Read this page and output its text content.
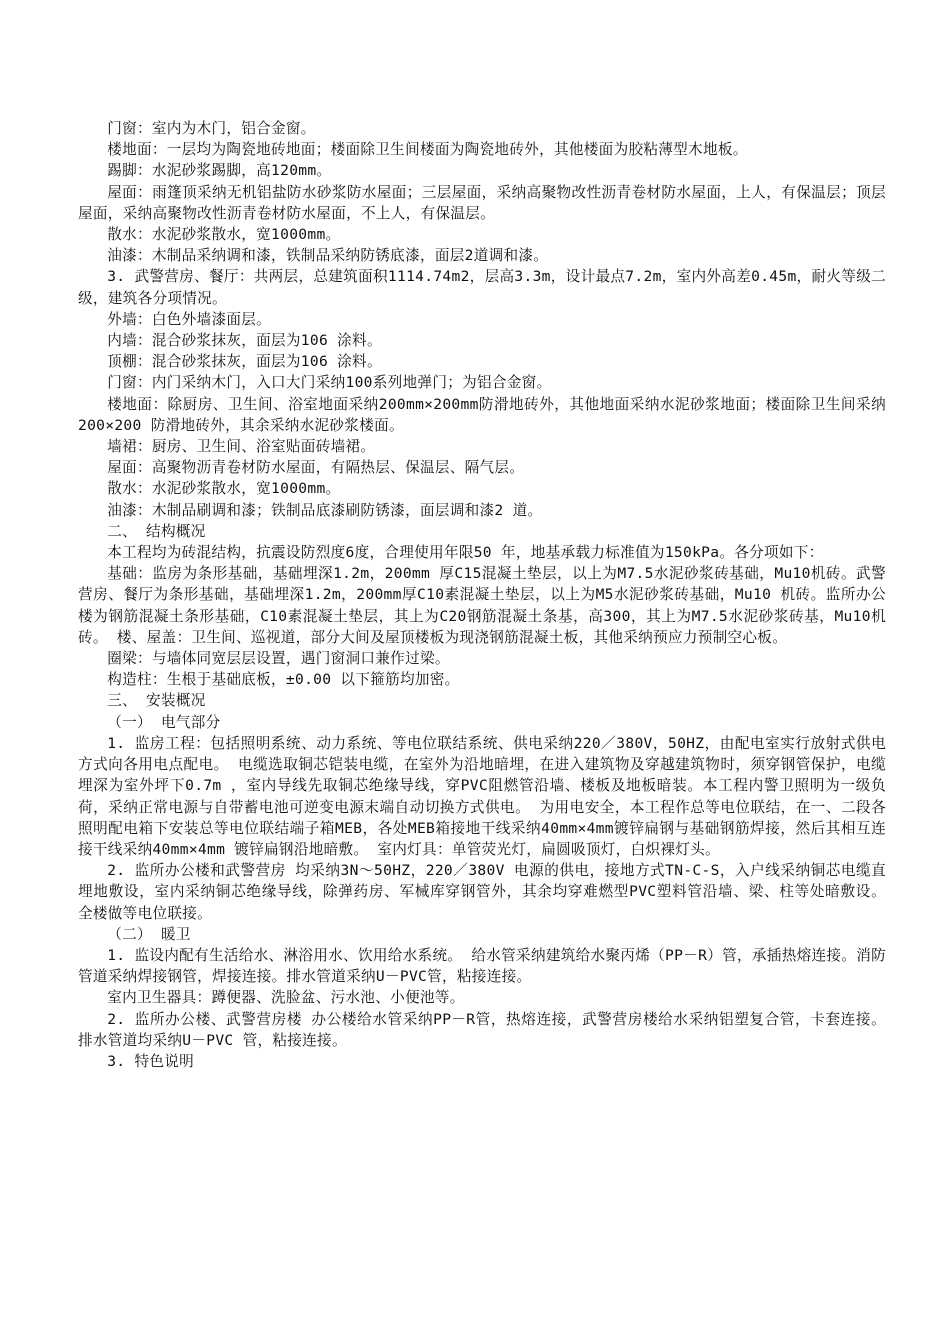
门窗：室内为木门，铝合金窗。

楼地面：一层均为陶瓷地砖地面；楼面除卫生间楼面为陶瓷地砖外，其他楼面为胶粘薄型木地板。

踢脚：水泥砂浆踢脚，高120mm。

屋面：雨篷顶采纳无机铝盐防水砂浆防水屋面；三层屋面，采纳高聚物改性沥青卷材防水屋面，上人，有保温层；顶层屋面，采纳高聚物改性沥青卷材防水屋面，不上人，有保温层。

散水：水泥砂浆散水，宽1000mm。

油漆：木制品采纳调和漆，铁制品采纳防锈底漆，面层2道调和漆。

3. 武警营房、餐厅：共两层，总建筑面积1114.74m2，层高3.3m，设计最点7.2m，室内外高差0.45m，耐火等级二级，建筑各分项情况。

外墙：白色外墙漆面层。

内墙：混合砂浆抹灰，面层为106 涂料。

顶棚：混合砂浆抹灰，面层为106 涂料。

门窗：内门采纳木门，入口大门采纳100系列地弹门；为铝合金窗。

楼地面：除厨房、卫生间、浴室地面采纳200mm×200mm防滑地砖外，其他地面采纳水泥砂浆地面；楼面除卫生间采纳200×200 防滑地砖外，其余采纳水泥砂浆楼面。

墙裙：厨房、卫生间、浴室贴面砖墙裙。

屋面：高聚物沥青卷材防水屋面，有隔热层、保温层、隔气层。

散水：水泥砂浆散水，宽1000mm。

油漆：木制品刷调和漆；铁制品底漆刷防锈漆，面层调和漆2 道。

二、 结构概况

本工程均为砖混结构，抗震设防烈度6度，合理使用年限50 年，地基承载力标准值为150kPa。各分项如下：

基础：监房为条形基础，基础埋深1.2m，200mm 厚C15混凝土垫层，以上为M7.5水泥砂浆砖基础，Mu10机砖。武警营房、餐厅为条形基础，基础埋深1.2m，200mm厚C10素混凝土垫层，以上为M5水泥砂浆砖基础，Mu10 机砖。监所办公楼为钢筋混凝土条形基础，C10素混凝土垫层，其上为C20钢筋混凝土条基，高300，其上为M7.5水泥砂浆砖基，Mu10机砖。 楼、屋盖：卫生间、巡视道，部分大间及屋顶楼板为现浇钢筋混凝土板，其他采纳预应力预制空心板。

圈梁：与墙体同宽层层设置，遇门窗洞口兼作过梁。

构造柱：生根于基础底板，±0.00 以下箍筋均加密。

三、 安装概况

（一） 电气部分

1. 监房工程：包括照明系统、动力系统、等电位联结系统、供电采纳220／380V，50HZ，由配电室实行放射式供电方式向各用电点配电。 电缆选取铜芯铠装电缆，在室外为沿地暗埋，在进入建筑物及穿越建筑物时，须穿钢管保护，电缆埋深为室外坪下0.7m ，室内导线先取铜芯绝缘导线，穿PVC阻燃管沿墙、楼板及地板暗装。本工程内警卫照明为一级负荷，采纳正常电源与自带蓄电池可逆变电源末端自动切换方式供电。 为用电安全，本工程作总等电位联结，在一、二段各照明配电箱下安装总等电位联结端子箱MEB，各处MEB箱接地干线采纳40mm×4mm镀锌扁钢与基础钢筋焊接，然后其相互连接干线采纳40mm×4mm 镀锌扁钢沿地暗敷。 室内灯具：单管荧光灯，扁圆吸顶灯，白炽裸灯头。

2. 监所办公楼和武警营房 均采纳3N～50HZ，220／380V 电源的供电，接地方式TN-C-S，入户线采纳铜芯电缆直埋地敷设，室内采纳铜芯绝缘导线，除弹药房、军械库穿钢管外，其余均穿难燃型PVC塑料管沿墙、梁、柱等处暗敷设。 全楼做等电位联接。

（二） 暖卫

1. 监设内配有生活给水、淋浴用水、饮用给水系统。 给水管采纳建筑给水聚丙烯（PP－R）管，承插热熔连接。消防管道采纳焊接钢管，焊接连接。排水管道采纳U－PVC管，粘接连接。

室内卫生器具：蹲便器、洗脸盆、污水池、小便池等。

2. 监所办公楼、武警营房楼 办公楼给水管采纳PP－R管，热熔连接，武警营房楼给水采纳铝塑复合管，卡套连接。 排水管道均采纳U－PVC 管，粘接连接。

3. 特色说明
